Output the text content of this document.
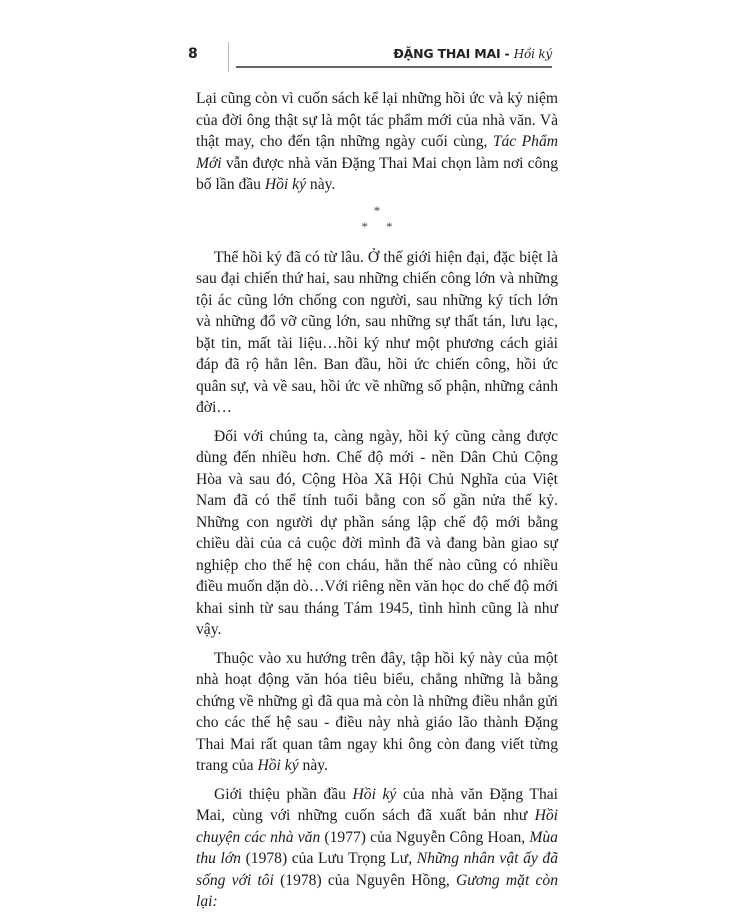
8	ĐẶNG THAI MAI - Hồi ký

Lại cũng còn vì cuốn sách kể lại những hồi ức và kỷ niệm của đời ông thật sự là một tác phẩm mới của nhà văn. Và thật may, cho đến tận những ngày cuối cùng, Tác Phẩm Mới vẫn được nhà văn Đặng Thai Mai chọn làm nơi công bố lần đầu Hồi ký này.

*
* *

Thể hồi ký đã có từ lâu. Ở thế giới hiện đại, đặc biệt là sau đại chiến thứ hai, sau những chiến công lớn và những tội ác cũng lớn chống con người, sau những ký tích lớn và những đổ vỡ cũng lớn, sau những sự thất tán, lưu lạc, bặt tin, mất tài liệu…hồi ký như một phương cách giải đáp đã rộ hẳn lên. Ban đầu, hồi ức chiến công, hồi ức quân sự, và về sau, hồi ức về những số phận, những cảnh đời…

Đối với chúng ta, càng ngày, hồi ký cũng càng được dùng đến nhiều hơn. Chế độ mới - nền Dân Chủ Cộng Hòa và sau đó, Cộng Hòa Xã Hội Chủ Nghĩa của Việt Nam đã có thể tính tuổi bằng con số gần nửa thế kỷ. Những con người dự phần sáng lập chế độ mới bằng chiều dài của cả cuộc đời mình đã và đang bàn giao sự nghiệp cho thế hệ con cháu, hẳn thế nào cũng có nhiều điều muốn dặn dò…Với riêng nền văn học do chế độ mới khai sinh từ sau tháng Tám 1945, tình hình cũng là như vậy.

Thuộc vào xu hướng trên đây, tập hồi ký này của một nhà hoạt động văn hóa tiêu biểu, chẳng những là bằng chứng về những gì đã qua mà còn là những điều nhắn gửi cho các thế hệ sau - điều này nhà giáo lão thành Đặng Thai Mai rất quan tâm ngay khi ông còn đang viết từng trang của Hồi ký này.

Giới thiệu phần đầu Hồi ký của nhà văn Đặng Thai Mai, cùng với những cuốn sách đã xuất bản như Hồi chuyện các nhà văn (1977) của Nguyễn Công Hoan, Mùa thu lớn (1978) của Lưu Trọng Lư, Những nhân vật ấy đã sống với tôi (1978) của Nguyên Hồng, Gương mặt còn lại:
